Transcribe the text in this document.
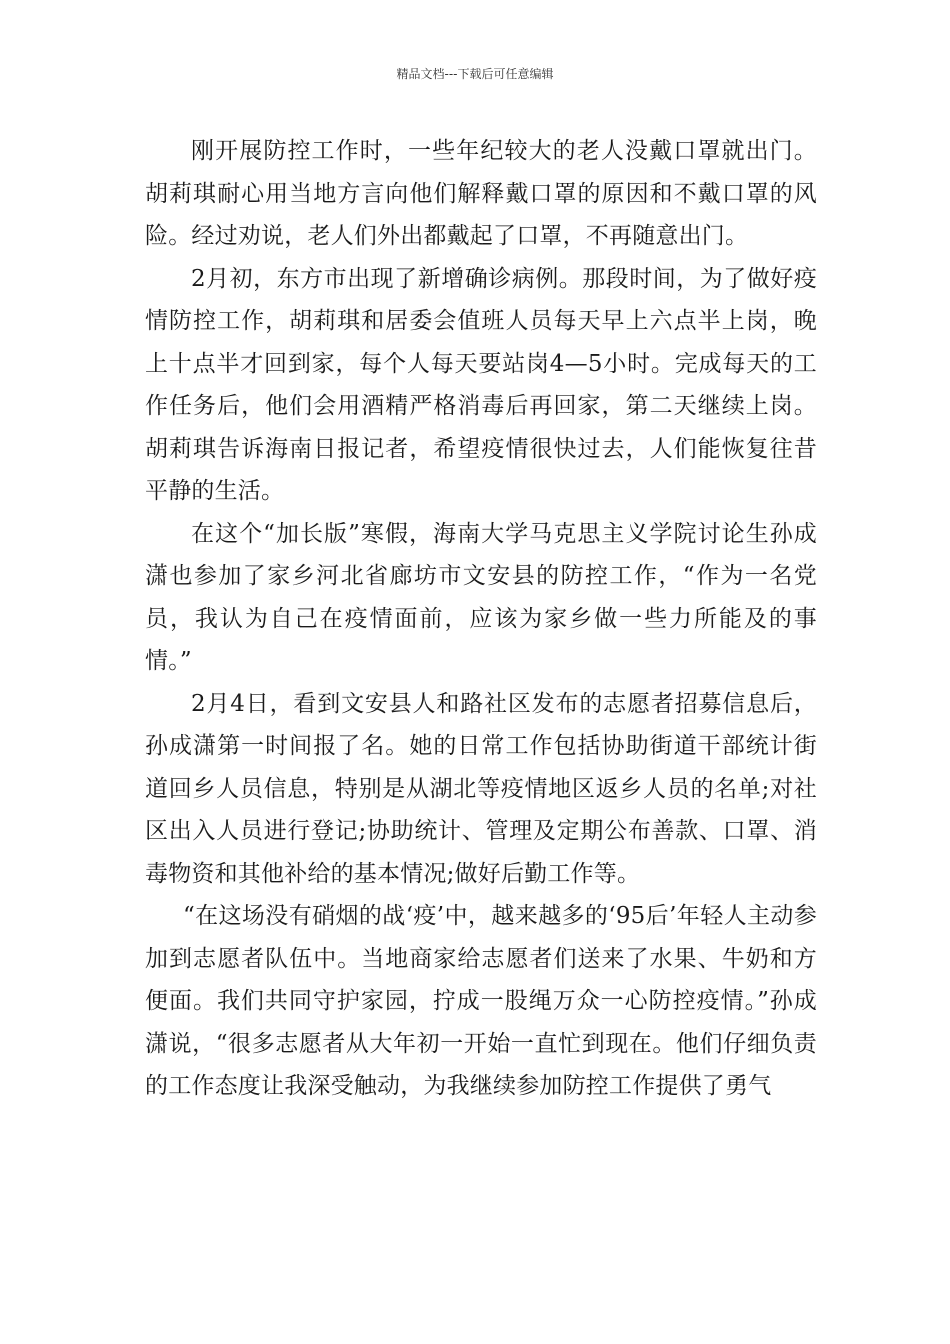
精品文档---下载后可任意编辑

刚开展防控工作时，一些年纪较大的老人没戴口罩就出门。胡莉琪耐心用当地方言向他们解释戴口罩的原因和不戴口罩的风险。经过劝说，老人们外出都戴起了口罩，不再随意出门。

2月初，东方市出现了新增确诊病例。那段时间，为了做好疫情防控工作，胡莉琪和居委会值班人员每天早上六点半上岗，晚上十点半才回到家，每个人每天要站岗4—5小时。完成每天的工作任务后，他们会用酒精严格消毒后再回家，第二天继续上岗。胡莉琪告诉海南日报记者，希望疫情很快过去，人们能恢复往昔平静的生活。

在这个“加长版”寒假，海南大学马克思主义学院讨论生孙成潇也参加了家乡河北省廊坊市文安县的防控工作，“作为一名党员，我认为自己在疫情面前，应该为家乡做一些力所能及的事情。”

2月4日，看到文安县人和路社区发布的志愿者招募信息后，孙成潇第一时间报了名。她的日常工作包括协助街道干部统计街道回乡人员信息，特别是从湖北等疫情地区返乡人员的名单;对社区出入人员进行登记;协助统计、管理及定期公布善款、口罩、消毒物资和其他补给的基本情况;做好后勤工作等。

“在这场没有硝烟的战‘疫’中，越来越多的‘95后’年轻人主动参加到志愿者队伍中。当地商家给志愿者们送来了水果、牛奶和方便面。我们共同守护家园，拧成一股绳万众一心防控疫情。”孙成潇说，“很多志愿者从大年初一开始一直忙到现在。他们仔细负责的工作态度让我深受触动，为我继续参加防控工作提供了勇气
